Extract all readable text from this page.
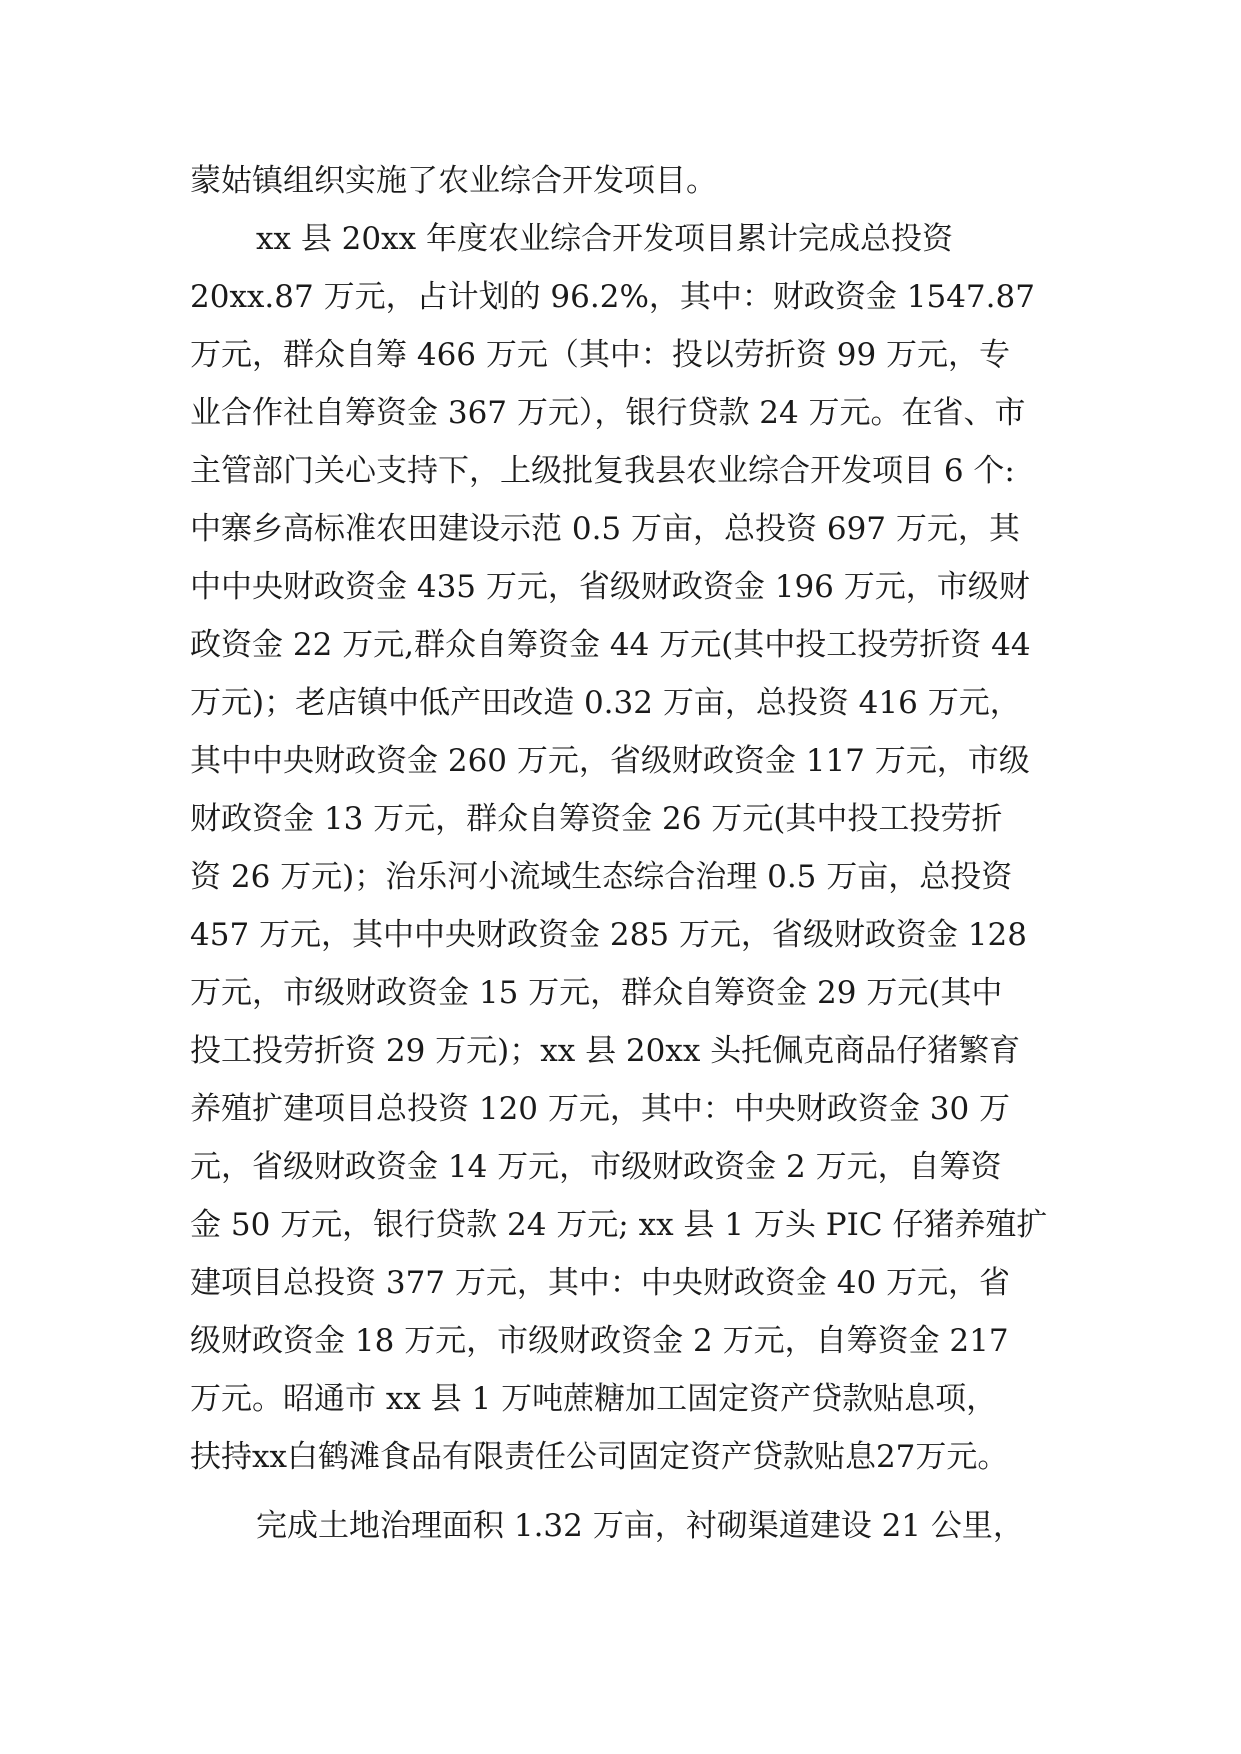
蒙姑镇组织实施了农业综合开发项目。
xx 县 20xx 年度农业综合开发项目累计完成总投资
20xx.87 万元，占计划的 96.2%，其中：财政资金 1547.87
万元，群众自筹 466 万元（其中：投以劳折资 99 万元，专
业合作社自筹资金 367 万元），银行贷款 24 万元。在省、市
主管部门关心支持下，上级批复我县农业综合开发项目 6 个:
中寨乡高标准农田建设示范 0.5 万亩，总投资 697 万元，其
中中央财政资金 435 万元，省级财政资金 196 万元，市级财
政资金 22 万元,群众自筹资金 44 万元(其中投工投劳折资 44
万元)；老店镇中低产田改造 0.32 万亩，总投资 416 万元，
其中中央财政资金 260 万元，省级财政资金 117 万元，市级
财政资金 13 万元，群众自筹资金 26 万元(其中投工投劳折
资 26 万元)；治乐河小流域生态综合治理 0.5 万亩，总投资
457 万元，其中中央财政资金 285 万元，省级财政资金 128
万元，市级财政资金 15 万元，群众自筹资金 29 万元(其中
投工投劳折资 29 万元)；xx 县 20xx 头托佩克商品仔猪繁育
养殖扩建项目总投资 120 万元，其中：中央财政资金 30 万
元，省级财政资金 14 万元，市级财政资金 2 万元，自筹资
金 50 万元，银行贷款 24 万元; xx 县 1 万头 PIC 仔猪养殖扩
建项目总投资 377 万元，其中：中央财政资金 40 万元，省
级财政资金 18 万元，市级财政资金 2 万元，自筹资金 217
万元。昭通市 xx 县 1 万吨蔗糖加工固定资产贷款贴息项，
扶持xx白鹤滩食品有限责任公司固定资产贷款贴息27万元。
完成土地治理面积 1.32 万亩，衬砌渠道建设 21 公里，
